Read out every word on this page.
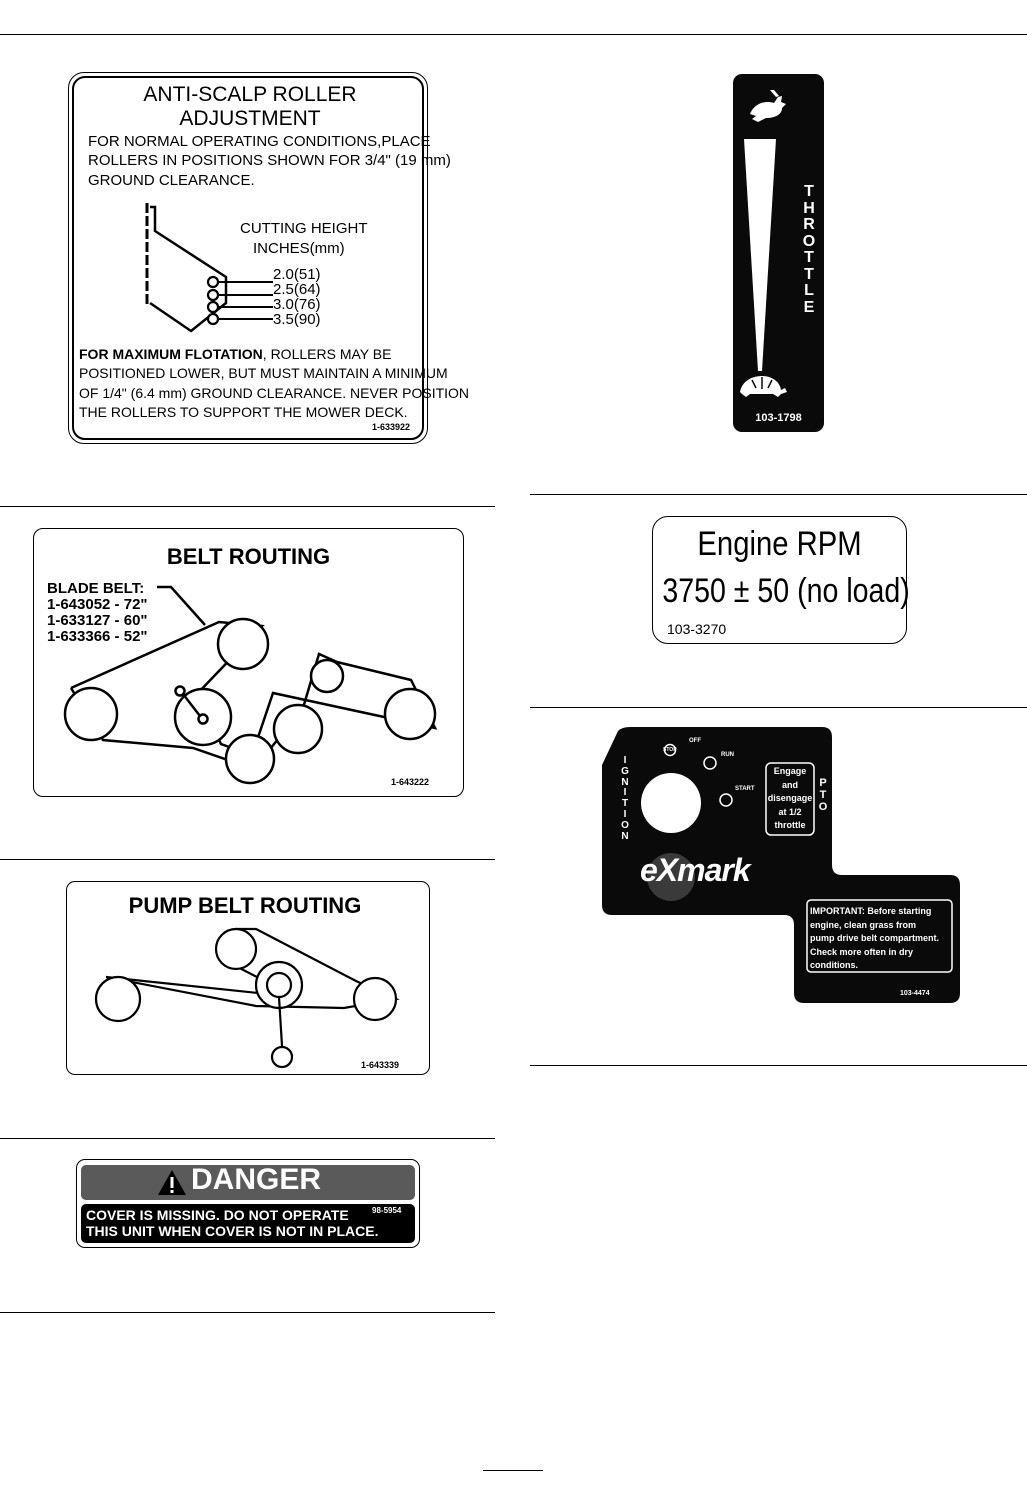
ANTI-SCALP ROLLER
ADJUSTMENT
FOR NORMAL OPERATING CONDITIONS,PLACE
ROLLERS IN POSITIONS SHOWN FOR 3/4" (19 mm)
GROUND CLEARANCE.
CUTTING HEIGHT
INCHES(mm)
2.0(51)
2.5(64)
3.0(76)
3.5(90)
FOR MAXIMUM FLOTATION, ROLLERS MAY BE
POSITIONED LOWER, BUT MUST MAINTAIN A MINIMUM
OF 1/4" (6.4 mm) GROUND CLEARANCE. NEVER POSITION
THE ROLLERS TO SUPPORT THE MOWER DECK.
1-633922
T
H
R
O
T
T
L
E
103-1798
BELT ROUTING
BLADE BELT:
1-643052 - 72"
1-633127 - 60"
1-633366 - 52"
1-643222
Engine RPM
3750 ± 50 (no load)
103-3270
I
G
N
I
T
I
O
N
STOP
OFF
RUN
START
Engage
and
disengage
at 1/2
throttle
P
T
O
eXmark
IMPORTANT: Before starting
engine, clean grass from
pump drive belt compartment.
Check more often in dry
conditions.
103-4474
PUMP BELT ROUTING
1-643339
DANGER
COVER IS MISSING. DO NOT OPERATE
THIS UNIT WHEN COVER IS NOT IN PLACE.
98-5954
